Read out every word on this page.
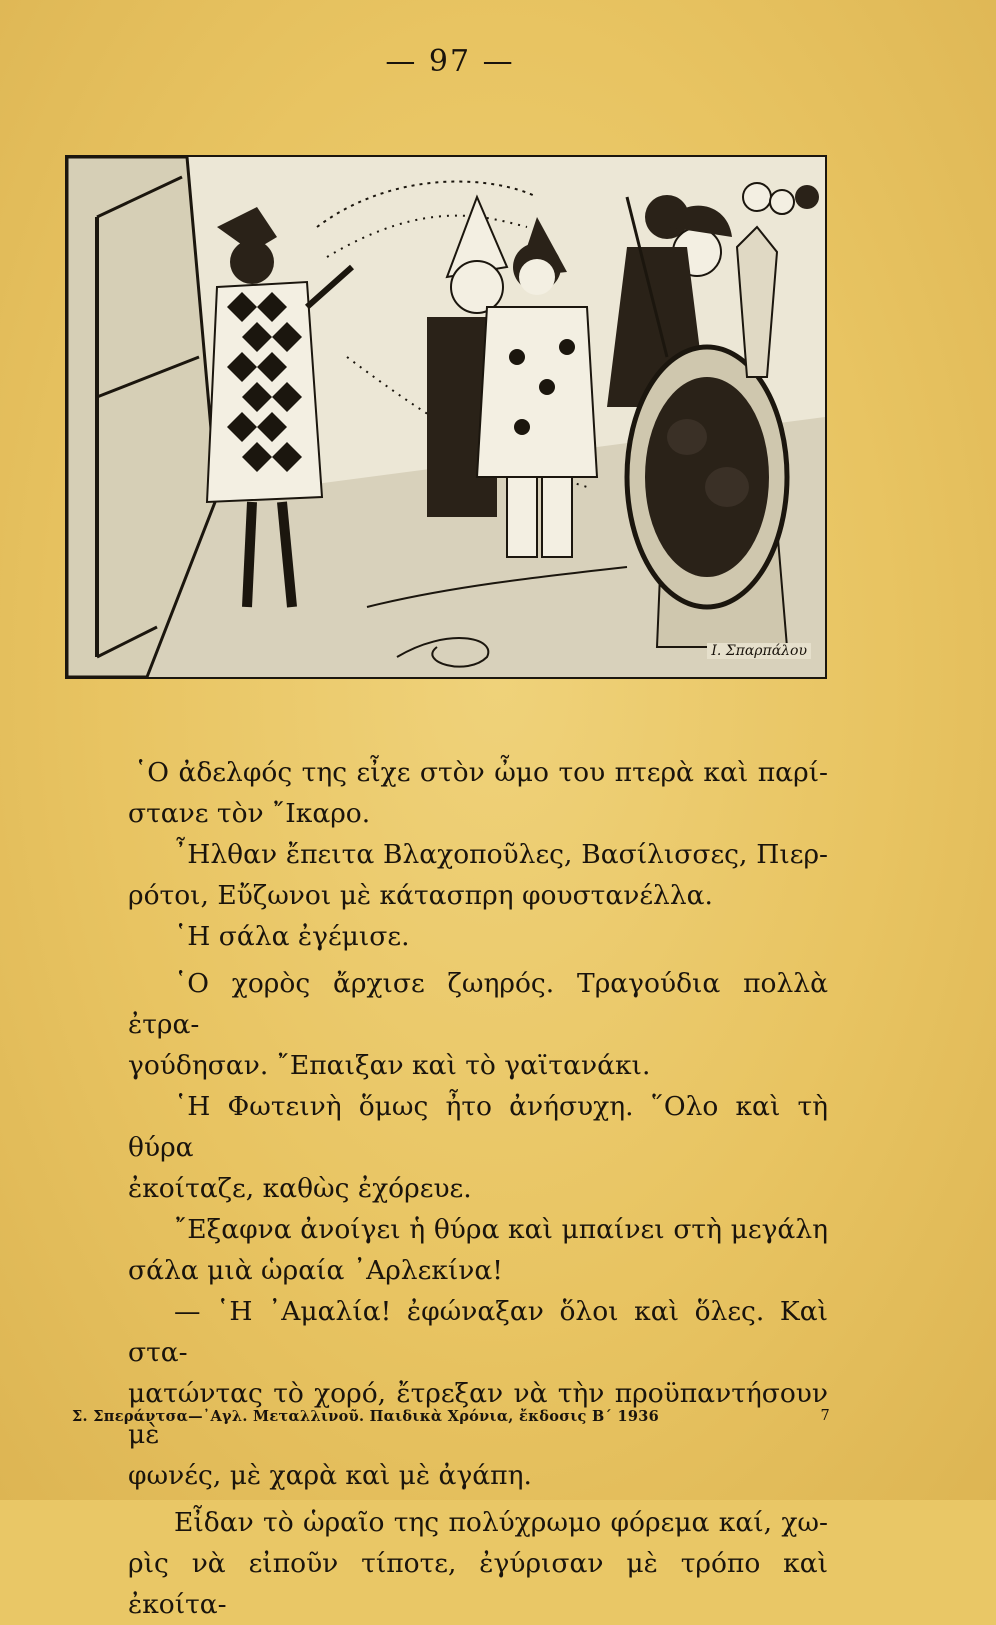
— 97 —
Ι. Σπαρπάλου

῾Ο ἀδελφός της εἶχε στὸν ὦμο του πτερὰ καὶ παρί-

στανε τὸν ῎Ικαρο.

῏Ηλθαν ἔπειτα Βλαχοποῦλες, Βασίλισσες, Πιερ-

ρότοι, Εὔζωνοι μὲ κάτασπρη φουστανέλλα.

῾Η σάλα ἐγέμισε.

῾Ο χορὸς ἄρχισε ζωηρός. Τραγούδια πολλὰ ἐτρα-

γούδησαν. ῎Επαιξαν καὶ τὸ γαϊτανάκι.

῾Η Φωτεινὴ ὅμως ἦτο ἀνήσυχη. ῞Ολο καὶ τὴ θύρα

ἐκοίταζε, καθὼς ἐχόρευε.

῎Εξαφνα ἀνοίγει ἡ θύρα καὶ μπαίνει στὴ μεγάλη

σάλα μιὰ ὡραία ᾿Αρλεκίνα!

— ῾Η ᾿Αμαλία! ἐφώναξαν ὅλοι καὶ ὅλες. Καὶ στα-

ματώντας τὸ χορό, ἔτρεξαν νὰ τὴν προϋπαντήσουν μὲ

φωνές, μὲ χαρὰ καὶ μὲ ἀγάπη.

Εἶδαν τὸ ὡραῖο της πολύχρωμο φόρεμα καί, χω-

ρὶς νὰ εἰποῦν τίποτε, ἐγύρισαν μὲ τρόπο καὶ ἐκοίτα-

Σ. Σπεράντσα—᾿Αγλ. Μεταλλινοῦ. Παιδικὰ Χρόνια, ἔκδοσις Β΄ 1936	7
